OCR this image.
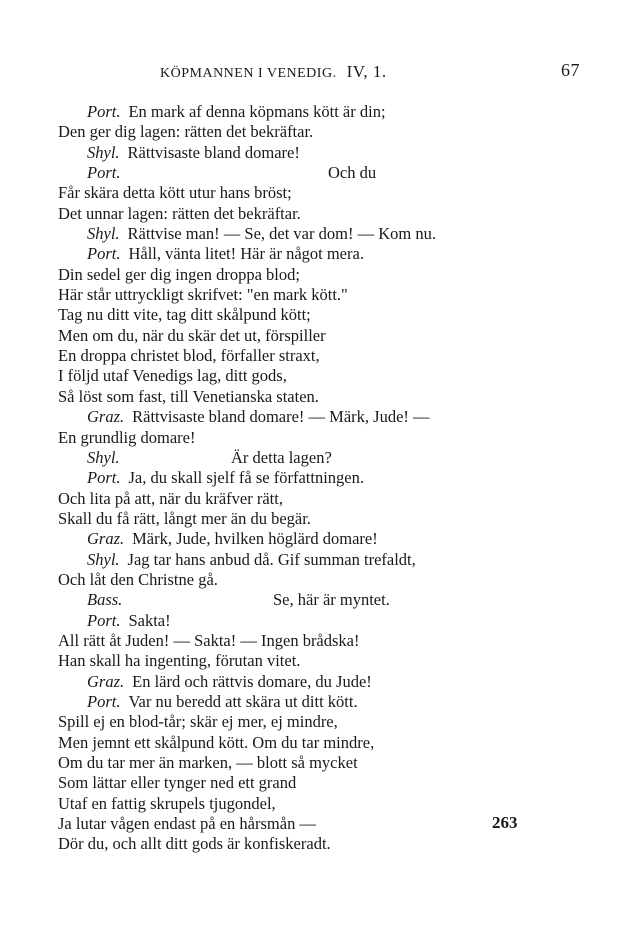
KÖPMANNEN I VENEDIG. IV, 1.	67
Port. En mark af denna köpmans kött är din;
Den ger dig lagen: rätten det bekräftar.
Shyl. Rättvisaste bland domare!
Port.	Och du
Får skära detta kött utur hans bröst;
Det unnar lagen: rätten det bekräftar.
Shyl. Rättvise man! — Se, det var dom! — Kom nu.
Port. Håll, vänta litet! Här är något mera.
Din sedel ger dig ingen droppa blod;
Här står uttryckligt skrifvet: "en mark kött."
Tag nu ditt vite, tag ditt skålpund kött;
Men om du, när du skär det ut, förspiller
En droppa christet blod, förfaller straxt,
I följd utaf Venedigs lag, ditt gods,
Så löst som fast, till Venetianska staten.
Graz. Rättvisaste bland domare! — Märk, Jude! —
En grundlig domare!
Shyl.	Är detta lagen?
Port. Ja, du skall sjelf få se författningen.
Och lita på att, när du kräfver rätt,
Skall du få rätt, långt mer än du begär.
Graz. Märk, Jude, hvilken höglärd domare!
Shyl. Jag tar hans anbud då. Gif summan trefaldt,
Och låt den Christne gå.
Bass.	Se, här är myntet.
Port. Sakta!
All rätt åt Juden! — Sakta! — Ingen brådska!
Han skall ha ingenting, förutan vitet.
Graz. En lärd och rättvis domare, du Jude!
Port. Var nu beredd att skära ut ditt kött.
Spill ej en blod-tår; skär ej mer, ej mindre,
Men jemnt ett skålpund kött. Om du tar mindre,
Om du tar mer än marken, — blott så mycket
Som lättar eller tynger ned ett grand
Utaf en fattig skrupels tjugondel,
Ja lutar vågen endast på en hårsmån —
Dör du, och allt ditt gods är konfiskeradt.
263
